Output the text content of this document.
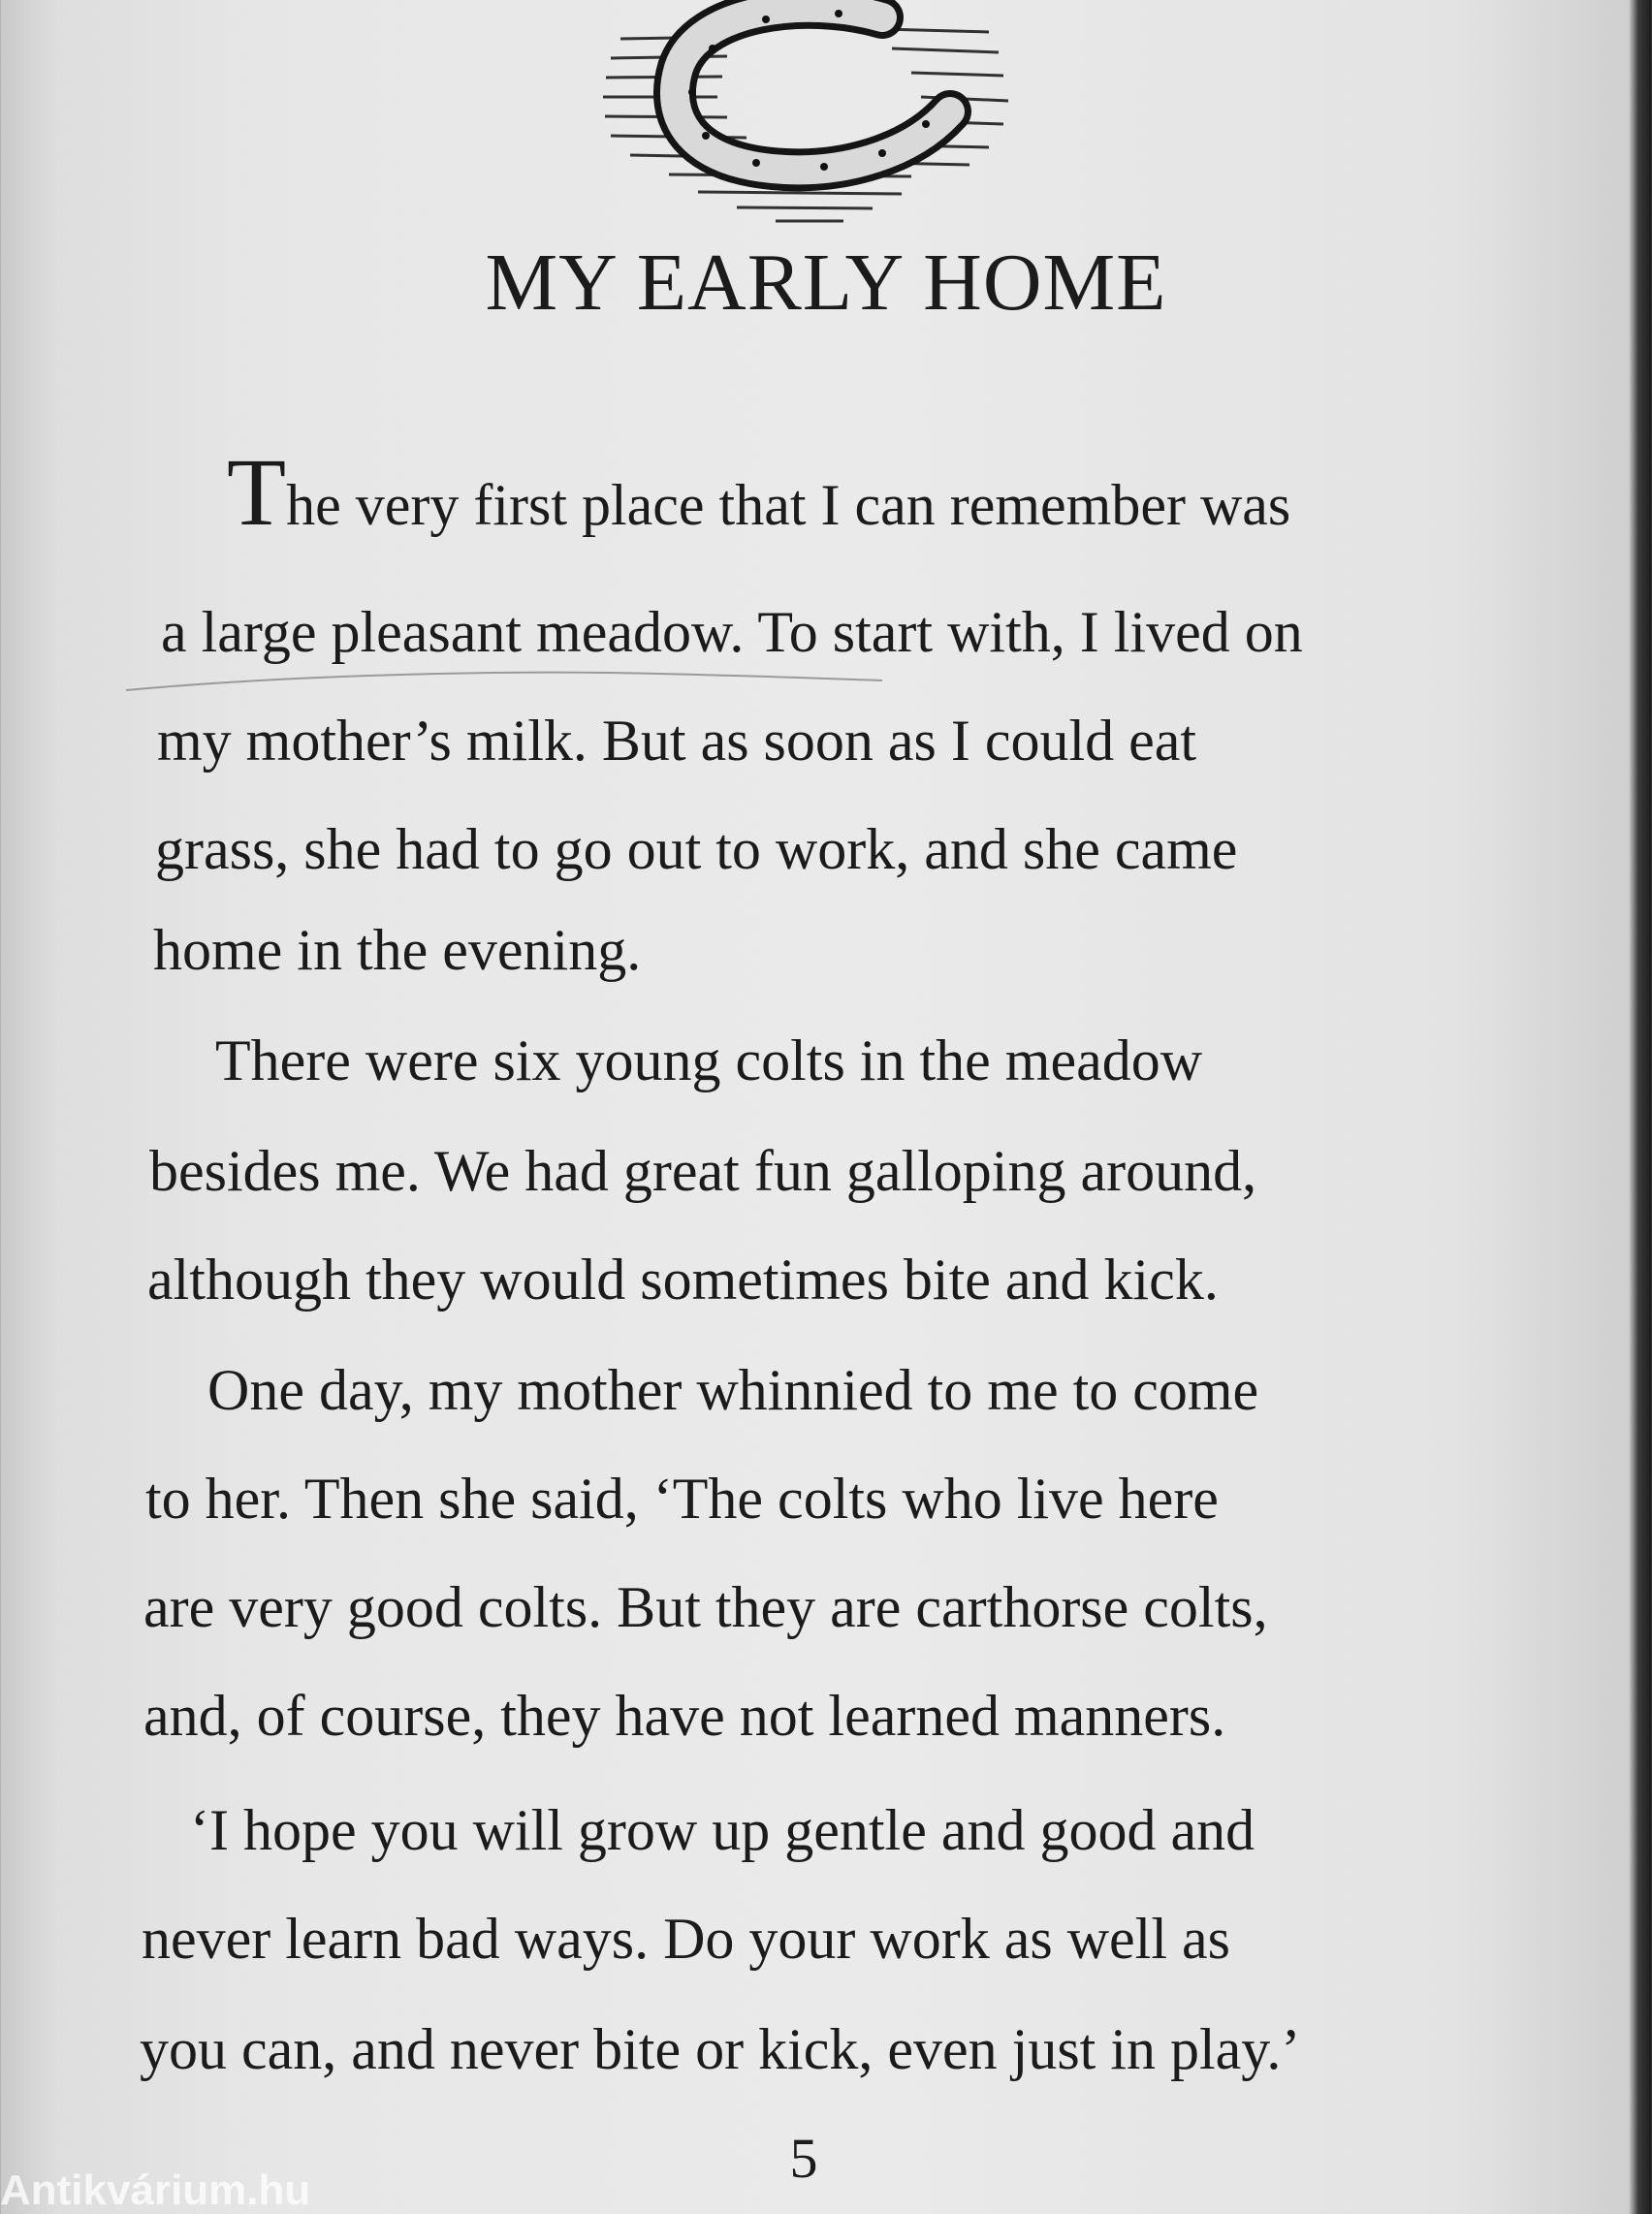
MY EARLY HOME
The very first place that I can remember was
a large pleasant meadow. To start with, I lived on
my mother’s milk. But as soon as I could eat
grass, she had to go out to work, and she came
home in the evening.
There were six young colts in the meadow
besides me. We had great fun galloping around,
although they would sometimes bite and kick.
One day, my mother whinnied to me to come
to her. Then she said, ‘The colts who live here
are very good colts. But they are carthorse colts,
and, of course, they have not learned manners.
‘I hope you will grow up gentle and good and
never learn bad ways. Do your work as well as
you can, and never bite or kick, even just in play.’
5
Antikvárium.hu
